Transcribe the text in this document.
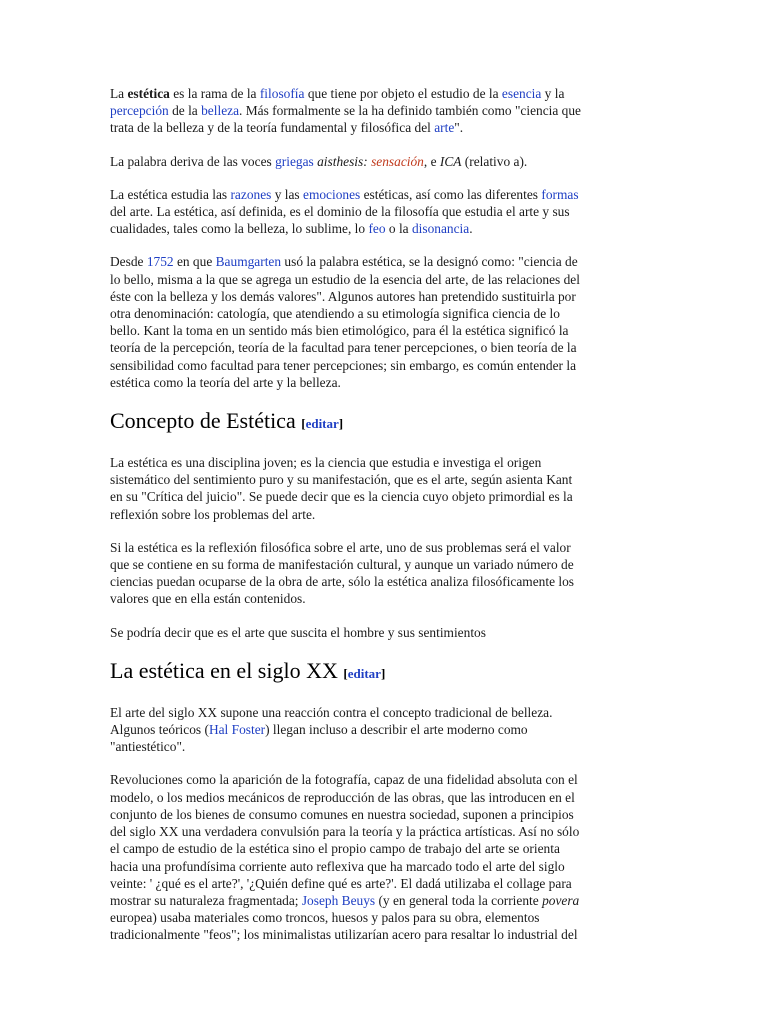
La estética es la rama de la filosofía que tiene por objeto el estudio de la esencia y la
percepción de la belleza. Más formalmente se la ha definido también como "ciencia que
trata de la belleza y de la teoría fundamental y filosófica del arte".

La palabra deriva de las voces griegas aisthesis: sensación, e ICA (relativo a).

La estética estudia las razones y las emociones estéticas, así como las diferentes formas
del arte. La estética, así definida, es el dominio de la filosofía que estudia el arte y sus
cualidades, tales como la belleza, lo sublime, lo feo o la disonancia.

Desde 1752 en que Baumgarten usó la palabra estética, se la designó como: "ciencia de
lo bello, misma a la que se agrega un estudio de la esencia del arte, de las relaciones del
éste con la belleza y los demás valores". Algunos autores han pretendido sustituirla por
otra denominación: catología, que atendiendo a su etimología significa ciencia de lo
bello. Kant la toma en un sentido más bien etimológico, para él la estética significó la
teoría de la percepción, teoría de la facultad para tener percepciones, o bien teoría de la
sensibilidad como facultad para tener percepciones; sin embargo, es común entender la
estética como la teoría del arte y la belleza.

Concepto de Estética [editar]

La estética es una disciplina joven; es la ciencia que estudia e investiga el origen
sistemático del sentimiento puro y su manifestación, que es el arte, según asienta Kant
en su "Crítica del juicio". Se puede decir que es la ciencia cuyo objeto primordial es la
reflexión sobre los problemas del arte.

Si la estética es la reflexión filosófica sobre el arte, uno de sus problemas será el valor
que se contiene en su forma de manifestación cultural, y aunque un variado número de
ciencias puedan ocuparse de la obra de arte, sólo la estética analiza filosóficamente los
valores que en ella están contenidos.

Se podría decir que es el arte que suscita el hombre y sus sentimientos

La estética en el siglo XX [editar]

El arte del siglo XX supone una reacción contra el concepto tradicional de belleza.
Algunos teóricos (Hal Foster) llegan incluso a describir el arte moderno como
"antiestético".

Revoluciones como la aparición de la fotografía, capaz de una fidelidad absoluta con el
modelo, o los medios mecánicos de reproducción de las obras, que las introducen en el
conjunto de los bienes de consumo comunes en nuestra sociedad, suponen a principios
del siglo XX una verdadera convulsión para la teoría y la práctica artísticas. Así no sólo
el campo de estudio de la estética sino el propio campo de trabajo del arte se orienta
hacia una profundísima corriente auto reflexiva que ha marcado todo el arte del siglo
veinte: ' ¿qué es el arte?', '¿Quién define qué es arte?'. El dadá utilizaba el collage para
mostrar su naturaleza fragmentada; Joseph Beuys (y en general toda la corriente povera
europea) usaba materiales como troncos, huesos y palos para su obra, elementos
tradicionalmente "feos"; los minimalistas utilizarían acero para resaltar lo industrial del
